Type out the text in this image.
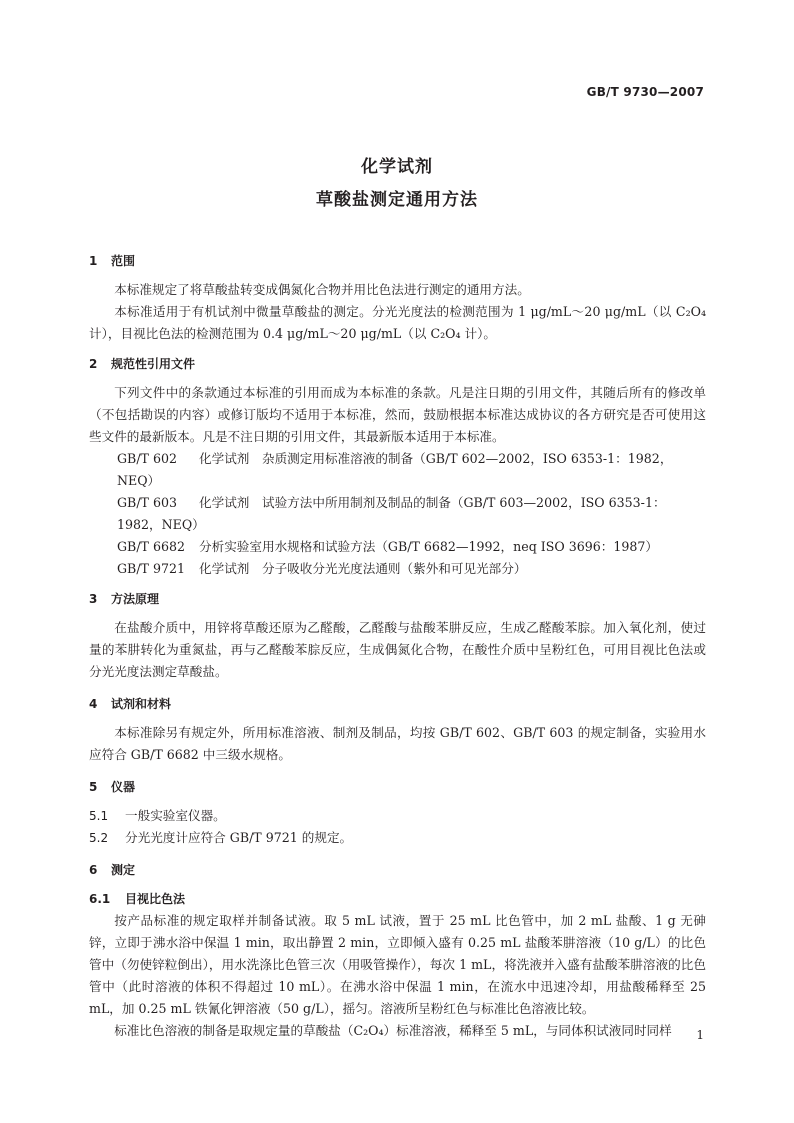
GB/T 9730—2007
化学试剂
草酸盐测定通用方法

1 范围

本标准规定了将草酸盐转变成偶氮化合物并用比色法进行测定的通用方法。

本标准适用于有机试剂中微量草酸盐的测定。分光光度法的检测范围为 1 μg/mL～20 μg/mL（以 C₂O₄ 计），目视比色法的检测范围为 0.4 μg/mL～20 μg/mL（以 C₂O₄ 计）。

2 规范性引用文件

下列文件中的条款通过本标准的引用而成为本标准的条款。凡是注日期的引用文件，其随后所有的修改单（不包括勘误的内容）或修订版均不适用于本标准，然而，鼓励根据本标准达成协议的各方研究是否可使用这些文件的最新版本。凡是不注日期的引用文件，其最新版本适用于本标准。

GB/T 602 化学试剂　杂质测定用标准溶液的制备（GB/T 602—2002，ISO 6353-1：1982，NEQ）

GB/T 603 化学试剂　试验方法中所用制剂及制品的制备（GB/T 603—2002，ISO 6353-1：1982，NEQ）

GB/T 6682 分析实验室用水规格和试验方法（GB/T 6682—1992，neq ISO 3696：1987）

GB/T 9721 化学试剂　分子吸收分光光度法通则（紫外和可见光部分）

3 方法原理

在盐酸介质中，用锌将草酸还原为乙醛酸，乙醛酸与盐酸苯肼反应，生成乙醛酸苯腙。加入氧化剂，使过量的苯肼转化为重氮盐，再与乙醛酸苯腙反应，生成偶氮化合物，在酸性介质中呈粉红色，可用目视比色法或分光光度法测定草酸盐。

4 试剂和材料

本标准除另有规定外，所用标准溶液、制剂及制品，均按 GB/T 602、GB/T 603 的规定制备，实验用水应符合 GB/T 6682 中三级水规格。

5 仪器

5.1 一般实验室仪器。

5.2 分光光度计应符合 GB/T 9721 的规定。

6 测定

6.1 目视比色法

按产品标准的规定取样并制备试液。取 5 mL 试液，置于 25 mL 比色管中，加 2 mL 盐酸、1 g 无砷锌，立即于沸水浴中保温 1 min，取出静置 2 min，立即倾入盛有 0.25 mL 盐酸苯肼溶液（10 g/L）的比色管中（勿使锌粒倒出），用水洗涤比色管三次（用吸管操作），每次 1 mL，将洗液并入盛有盐酸苯肼溶液的比色管中（此时溶液的体积不得超过 10 mL）。在沸水浴中保温 1 min，在流水中迅速冷却，用盐酸稀释至 25 mL，加 0.25 mL 铁氰化钾溶液（50 g/L），摇匀。溶液所呈粉红色与标准比色溶液比较。

标准比色溶液的制备是取规定量的草酸盐（C₂O₄）标准溶液，稀释至 5 mL，与同体积试液同时同样	1
